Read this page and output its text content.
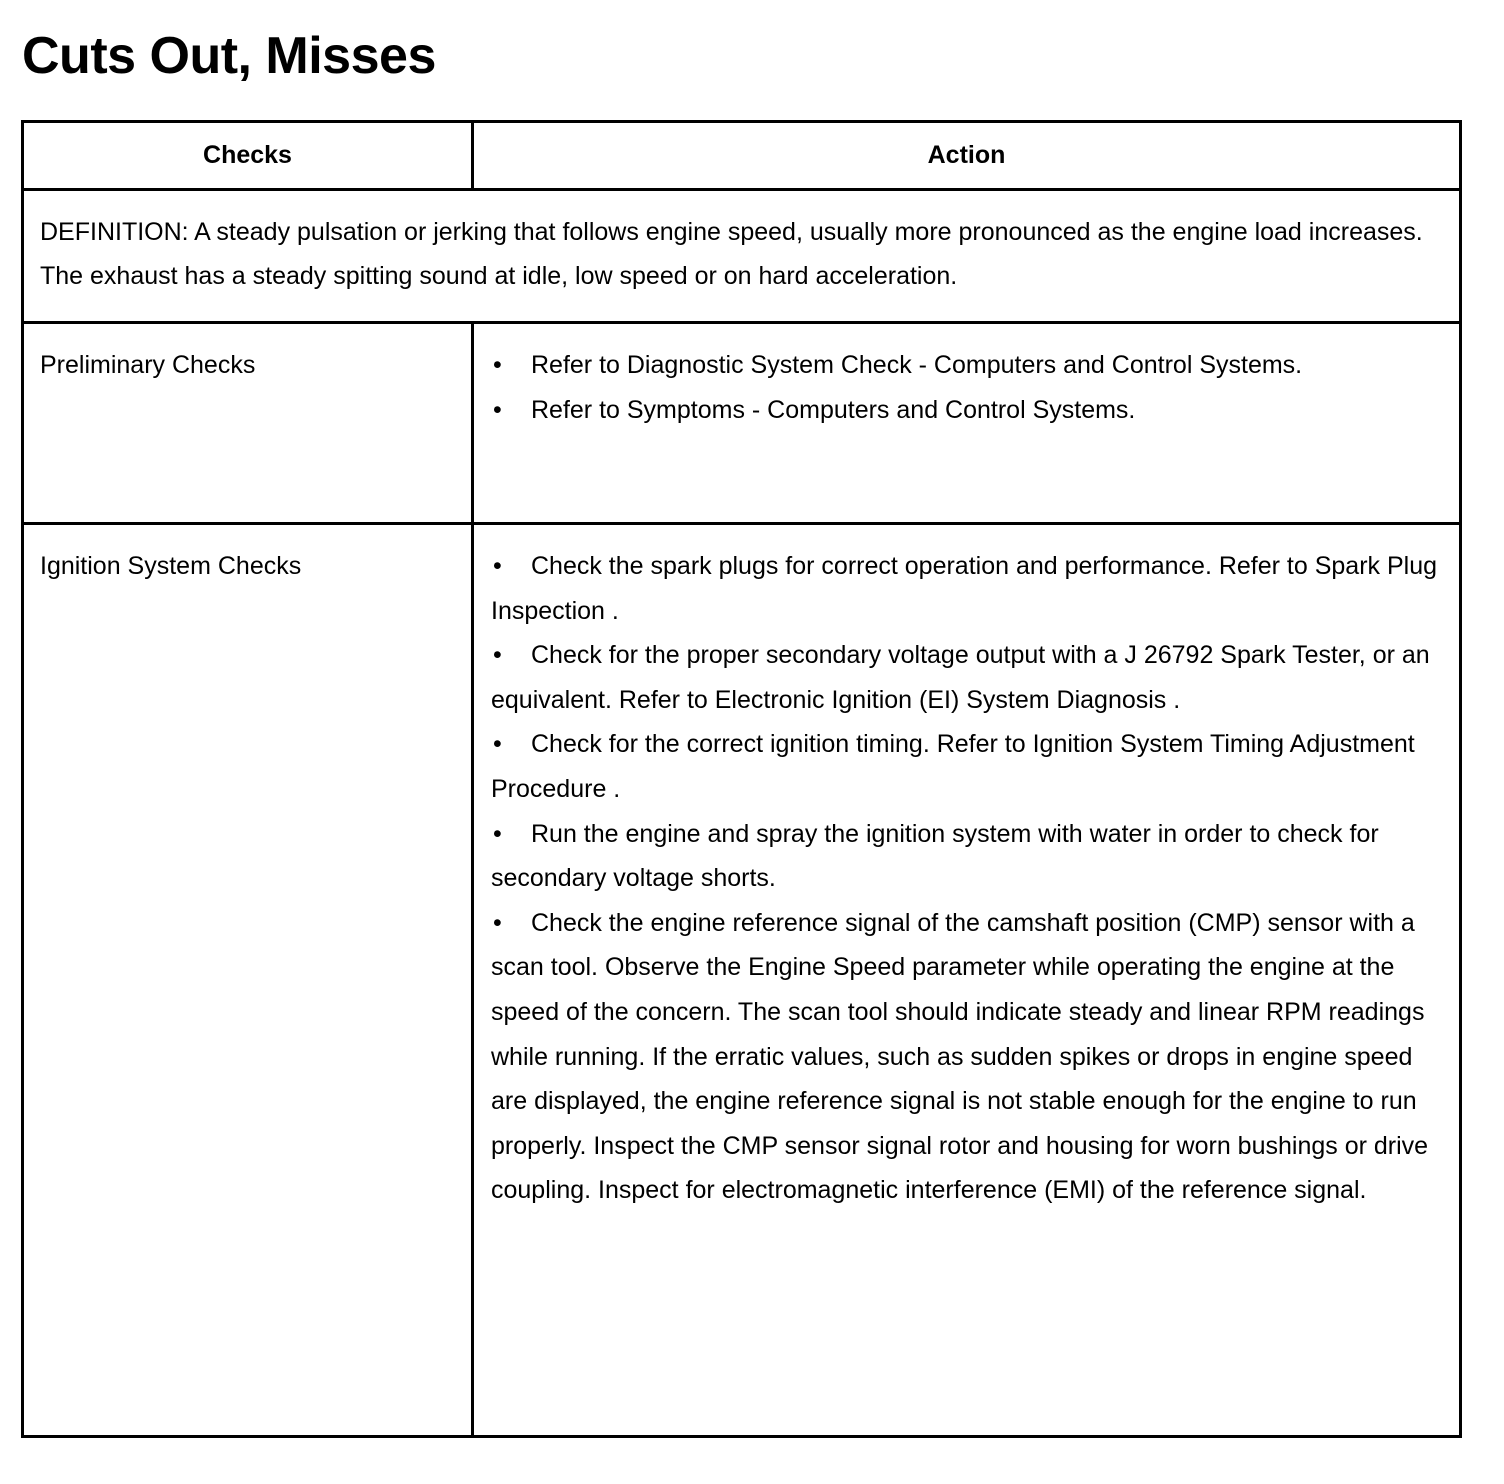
Cuts Out, Misses
Checks	Action
DEFINITION: A steady pulsation or jerking that follows engine speed, usually more pronounced as the engine load increases. The exhaust has a steady spitting sound at idle, low speed or on hard acceleration.	

Preliminary Checks	• Refer to Diagnostic System Check - Computers and Control Systems.
• Refer to Symptoms - Computers and Control Systems.

Ignition System Checks	• Check the spark plugs for correct operation and performance. Refer to Spark Plug Inspection .
• Check for the proper secondary voltage output with a J 26792 Spark Tester, or an equivalent. Refer to Electronic Ignition (EI) System Diagnosis .
• Check for the correct ignition timing. Refer to Ignition System Timing Adjustment Procedure .
• Run the engine and spray the ignition system with water in order to check for secondary voltage shorts.
• Check the engine reference signal of the camshaft position (CMP) sensor with a scan tool. Observe the Engine Speed parameter while operating the engine at the speed of the concern. The scan tool should indicate steady and linear RPM readings while running. If the erratic values, such as sudden spikes or drops in engine speed are displayed, the engine reference signal is not stable enough for the engine to run properly. Inspect the CMP sensor signal rotor and housing for worn bushings or drive coupling. Inspect for electromagnetic interference (EMI) of the reference signal.
